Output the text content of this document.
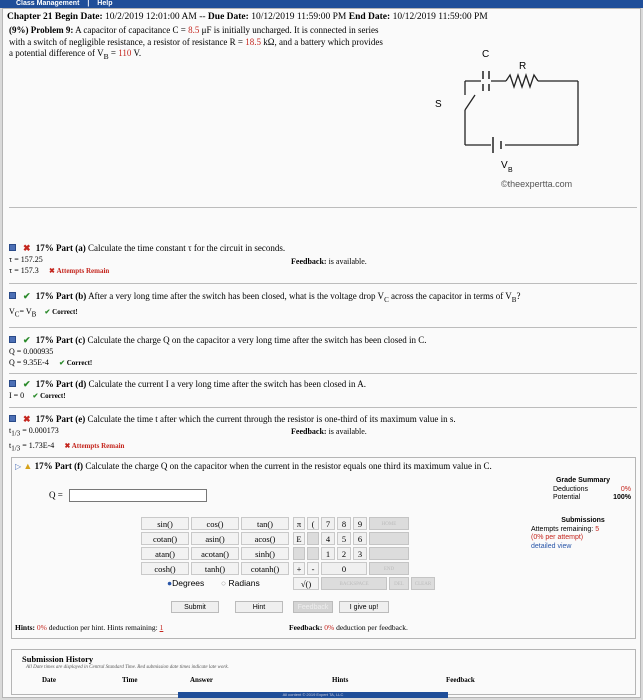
Class Management | Help
Chapter 21 Begin Date: 10/2/2019 12:01:00 AM -- Due Date: 10/12/2019 11:59:00 PM End Date: 10/12/2019 11:59:00 PM
(9%) Problem 9: A capacitor of capacitance C = 8.5 μF is initially uncharged. It is connected in series with a switch of negligible resistance, a resistor of resistance R = 18.5 kΩ, and a battery which provides a potential difference of $V_B = 110$ V.	C
R
S
V B
©theexpertta.com
✖ 17% Part (a) Calculate the time constant τ for the circuit in seconds.
τ = 157.25
τ = 157.3 ✖ Attempts Remain
Feedback: is available.
✔ 17% Part (b) After a very long time after the switch has been closed, what is the voltage drop $V_C$ across the capacitor in terms of $V_B$?
$V_C= V_B$ ✔ Correct!
✔ 17% Part (c) Calculate the charge Q on the capacitor a very long time after the switch has been closed in C.
Q = 0.000935
Q = 9.35E-4 ✔ Correct!
✔ 17% Part (d) Calculate the current I a very long time after the switch has been closed in A.
I = 0 ✔ Correct!
✖ 17% Part (e) Calculate the time t after which the current through the resistor is one-third of its maximum value in s.
$t_{1/3} = 0.000173$
$t_{1/3} = 1.73E-4$ ✖ Attempts Remain
Feedback: is available.
▷ ▲ 17% Part (f) Calculate the charge Q on the capacitor when the current in the resistor equals one third its maximum value in C.
Q =
Grade Summary
Deductions	0%
Potential	100%
Submissions
Attempts remaining: 5
(0% per attempt)
detailed view
sin()	cos()	tan()
cotan()	asin()	acos()
atan()	acotan()	sinh()
cosh()	tanh()	cotanh()
●Degrees ○ Radians
π	(
E
+	-
√()
7	8	9
4	5	6
1	2	3
0
BACKSPACE
HOME
END
DEL	CLEAR
Submit	Hint	Feedback	I give up!
Hints: 0% deduction per hint. Hints remaining: 1	Feedback: 0% deduction per feedback.
Submission History
All Date times are displayed in Central Standard Time. Red submission date times indicate late work.
Date	Time	Answer	Hints	Feedback
All content © 2019 Expert TA, LLC
